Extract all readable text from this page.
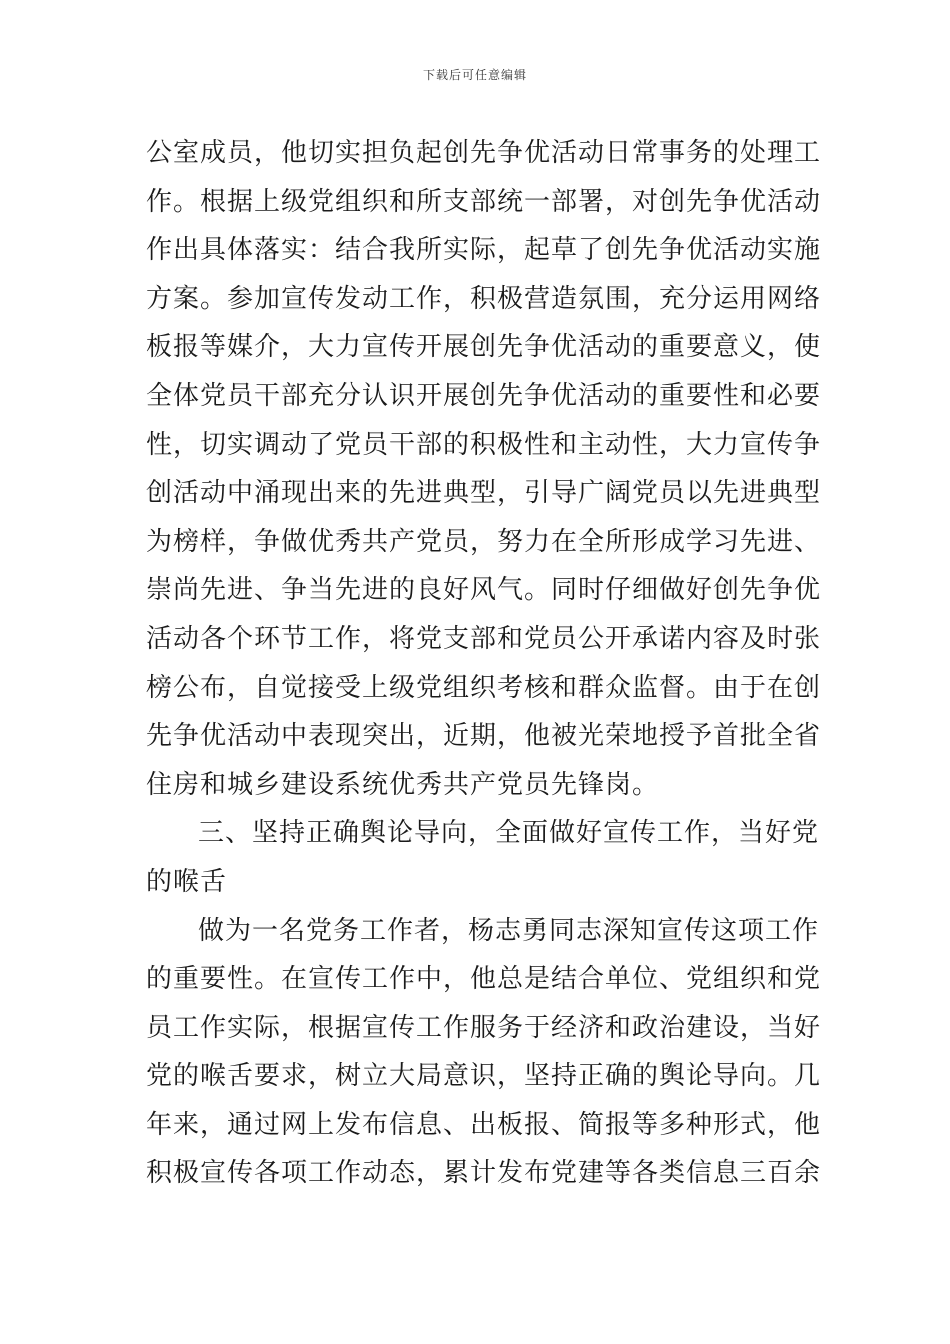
下载后可任意编辑
公室成员，他切实担负起创先争优活动日常事务的处理工
作。根据上级党组织和所支部统一部署，对创先争优活动
作出具体落实：结合我所实际，起草了创先争优活动实施
方案。参加宣传发动工作，积极营造氛围，充分运用网络
板报等媒介，大力宣传开展创先争优活动的重要意义，使
全体党员干部充分认识开展创先争优活动的重要性和必要
性，切实调动了党员干部的积极性和主动性，大力宣传争
创活动中涌现出来的先进典型，引导广阔党员以先进典型
为榜样，争做优秀共产党员，努力在全所形成学习先进、
崇尚先进、争当先进的良好风气。同时仔细做好创先争优
活动各个环节工作，将党支部和党员公开承诺内容及时张
榜公布，自觉接受上级党组织考核和群众监督。由于在创
先争优活动中表现突出，近期，他被光荣地授予首批全省
住房和城乡建设系统优秀共产党员先锋岗。
三、坚持正确舆论导向，全面做好宣传工作，当好党
的喉舌
做为一名党务工作者，杨志勇同志深知宣传这项工作
的重要性。在宣传工作中，他总是结合单位、党组织和党
员工作实际，根据宣传工作服务于经济和政治建设，当好
党的喉舌要求，树立大局意识，坚持正确的舆论导向。几
年来，通过网上发布信息、出板报、简报等多种形式，他
积极宣传各项工作动态，累计发布党建等各类信息三百余
